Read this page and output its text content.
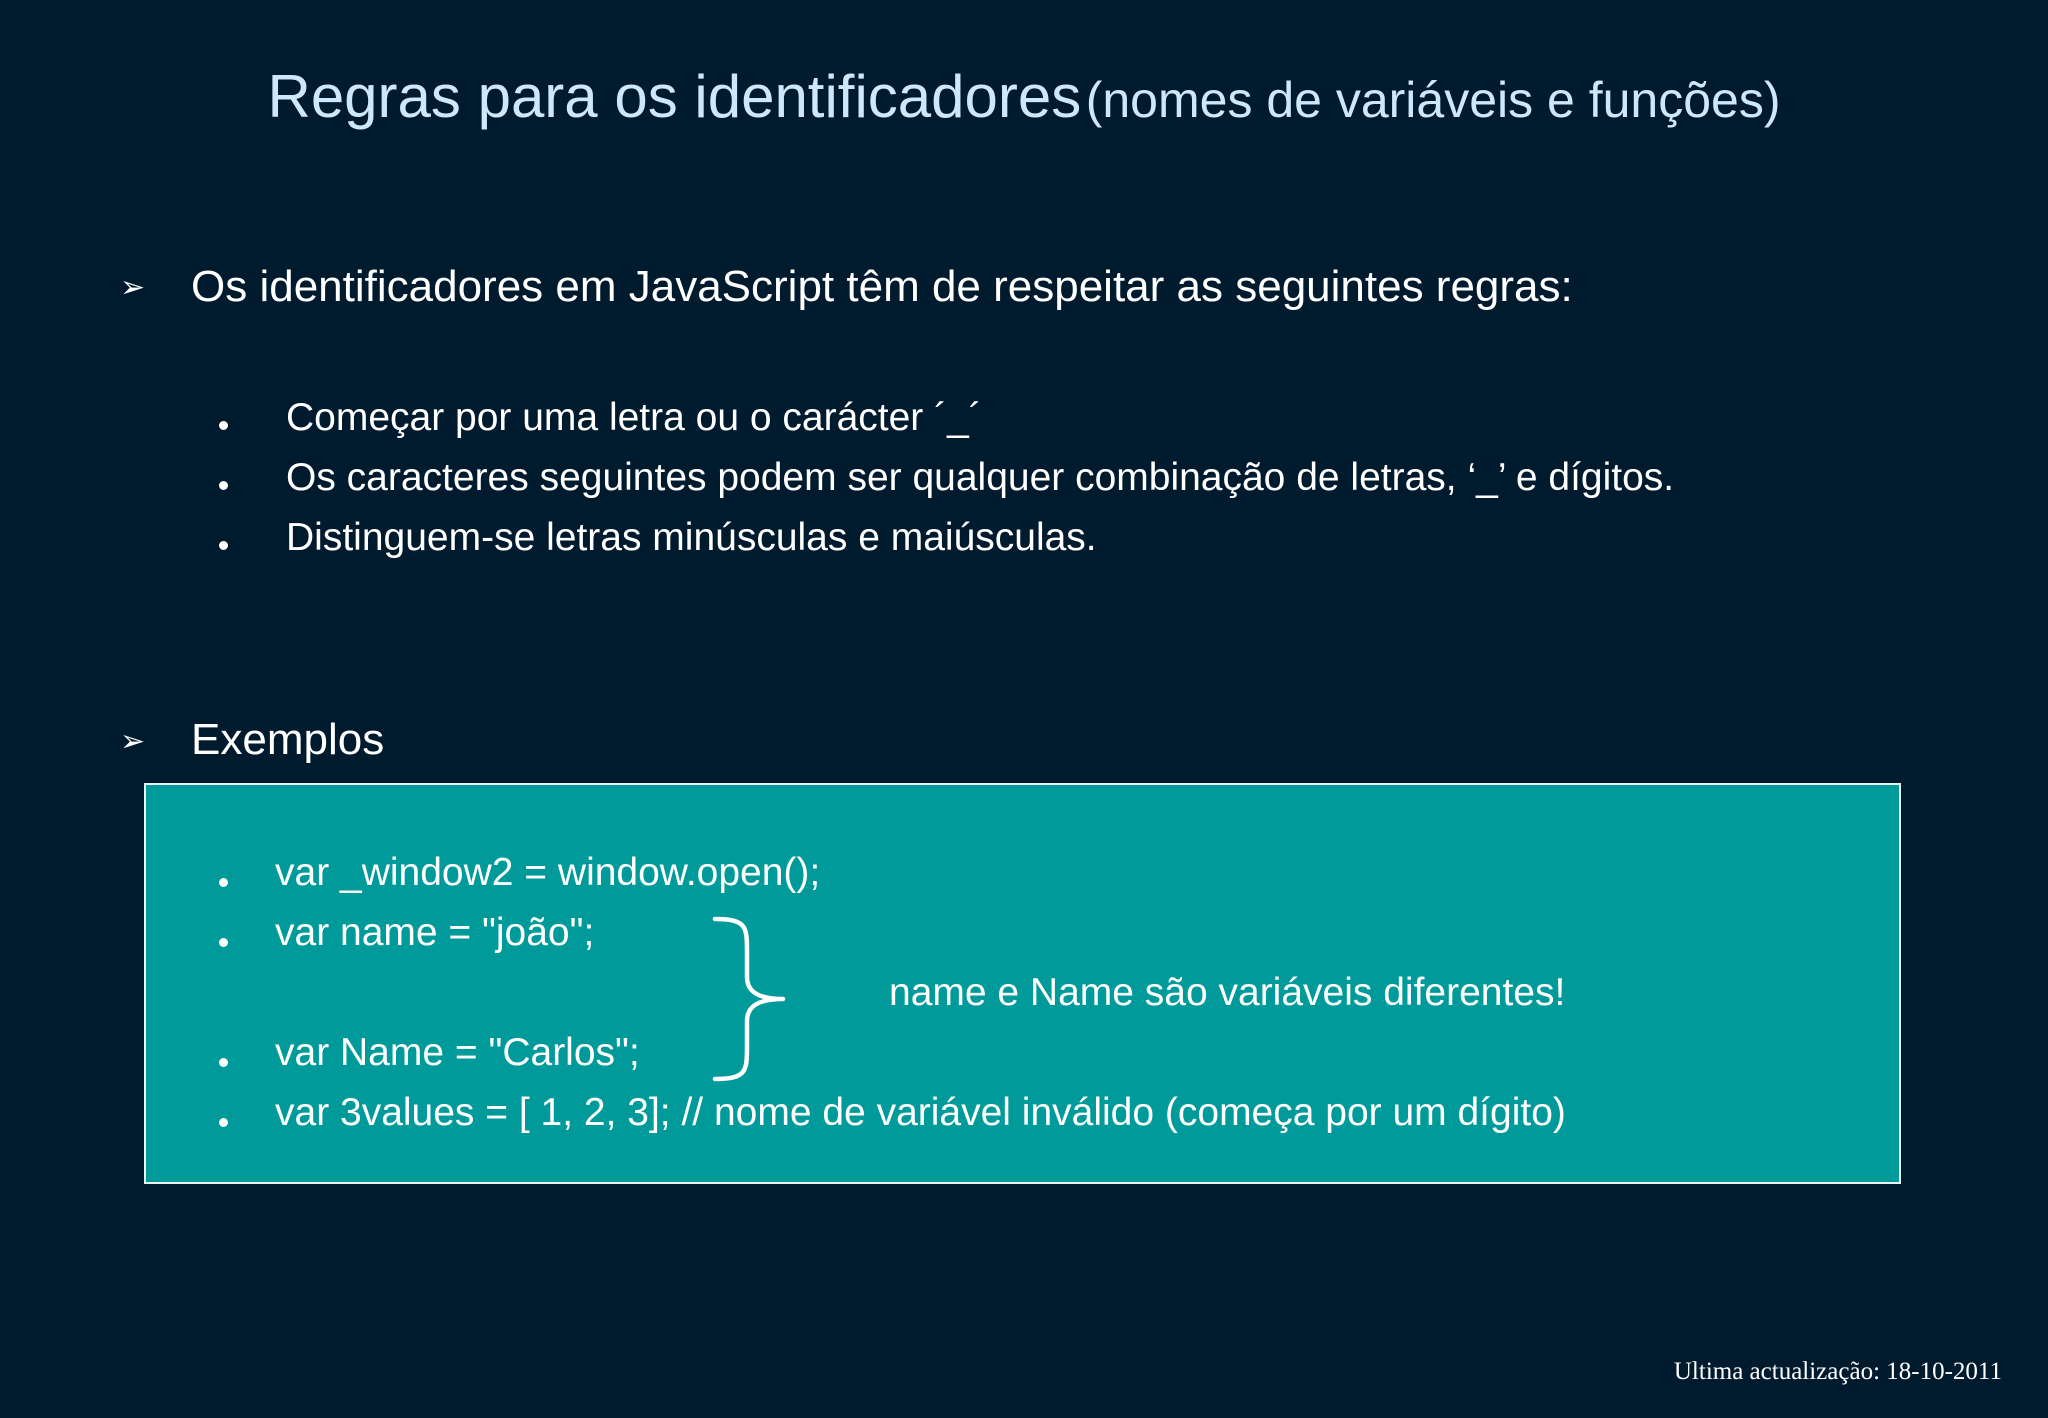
Regras para os identificadores (nomes de variáveis e funções)
➢ Os identificadores em JavaScript têm de respeitar as seguintes regras:
Começar por uma letra ou o carácter ´_´
Os caracteres seguintes podem ser qualquer combinação de letras, ‘_’ e dígitos.
Distinguem-se letras minúsculas e maiúsculas.
➢ Exemplos
var _window2 = window.open();
var name = "joão";
name e Name são variáveis diferentes!
var Name = "Carlos";
var 3values = [ 1, 2, 3]; // nome de variável inválido (começa por um dígito)
Ultima actualização: 18-10-2011
